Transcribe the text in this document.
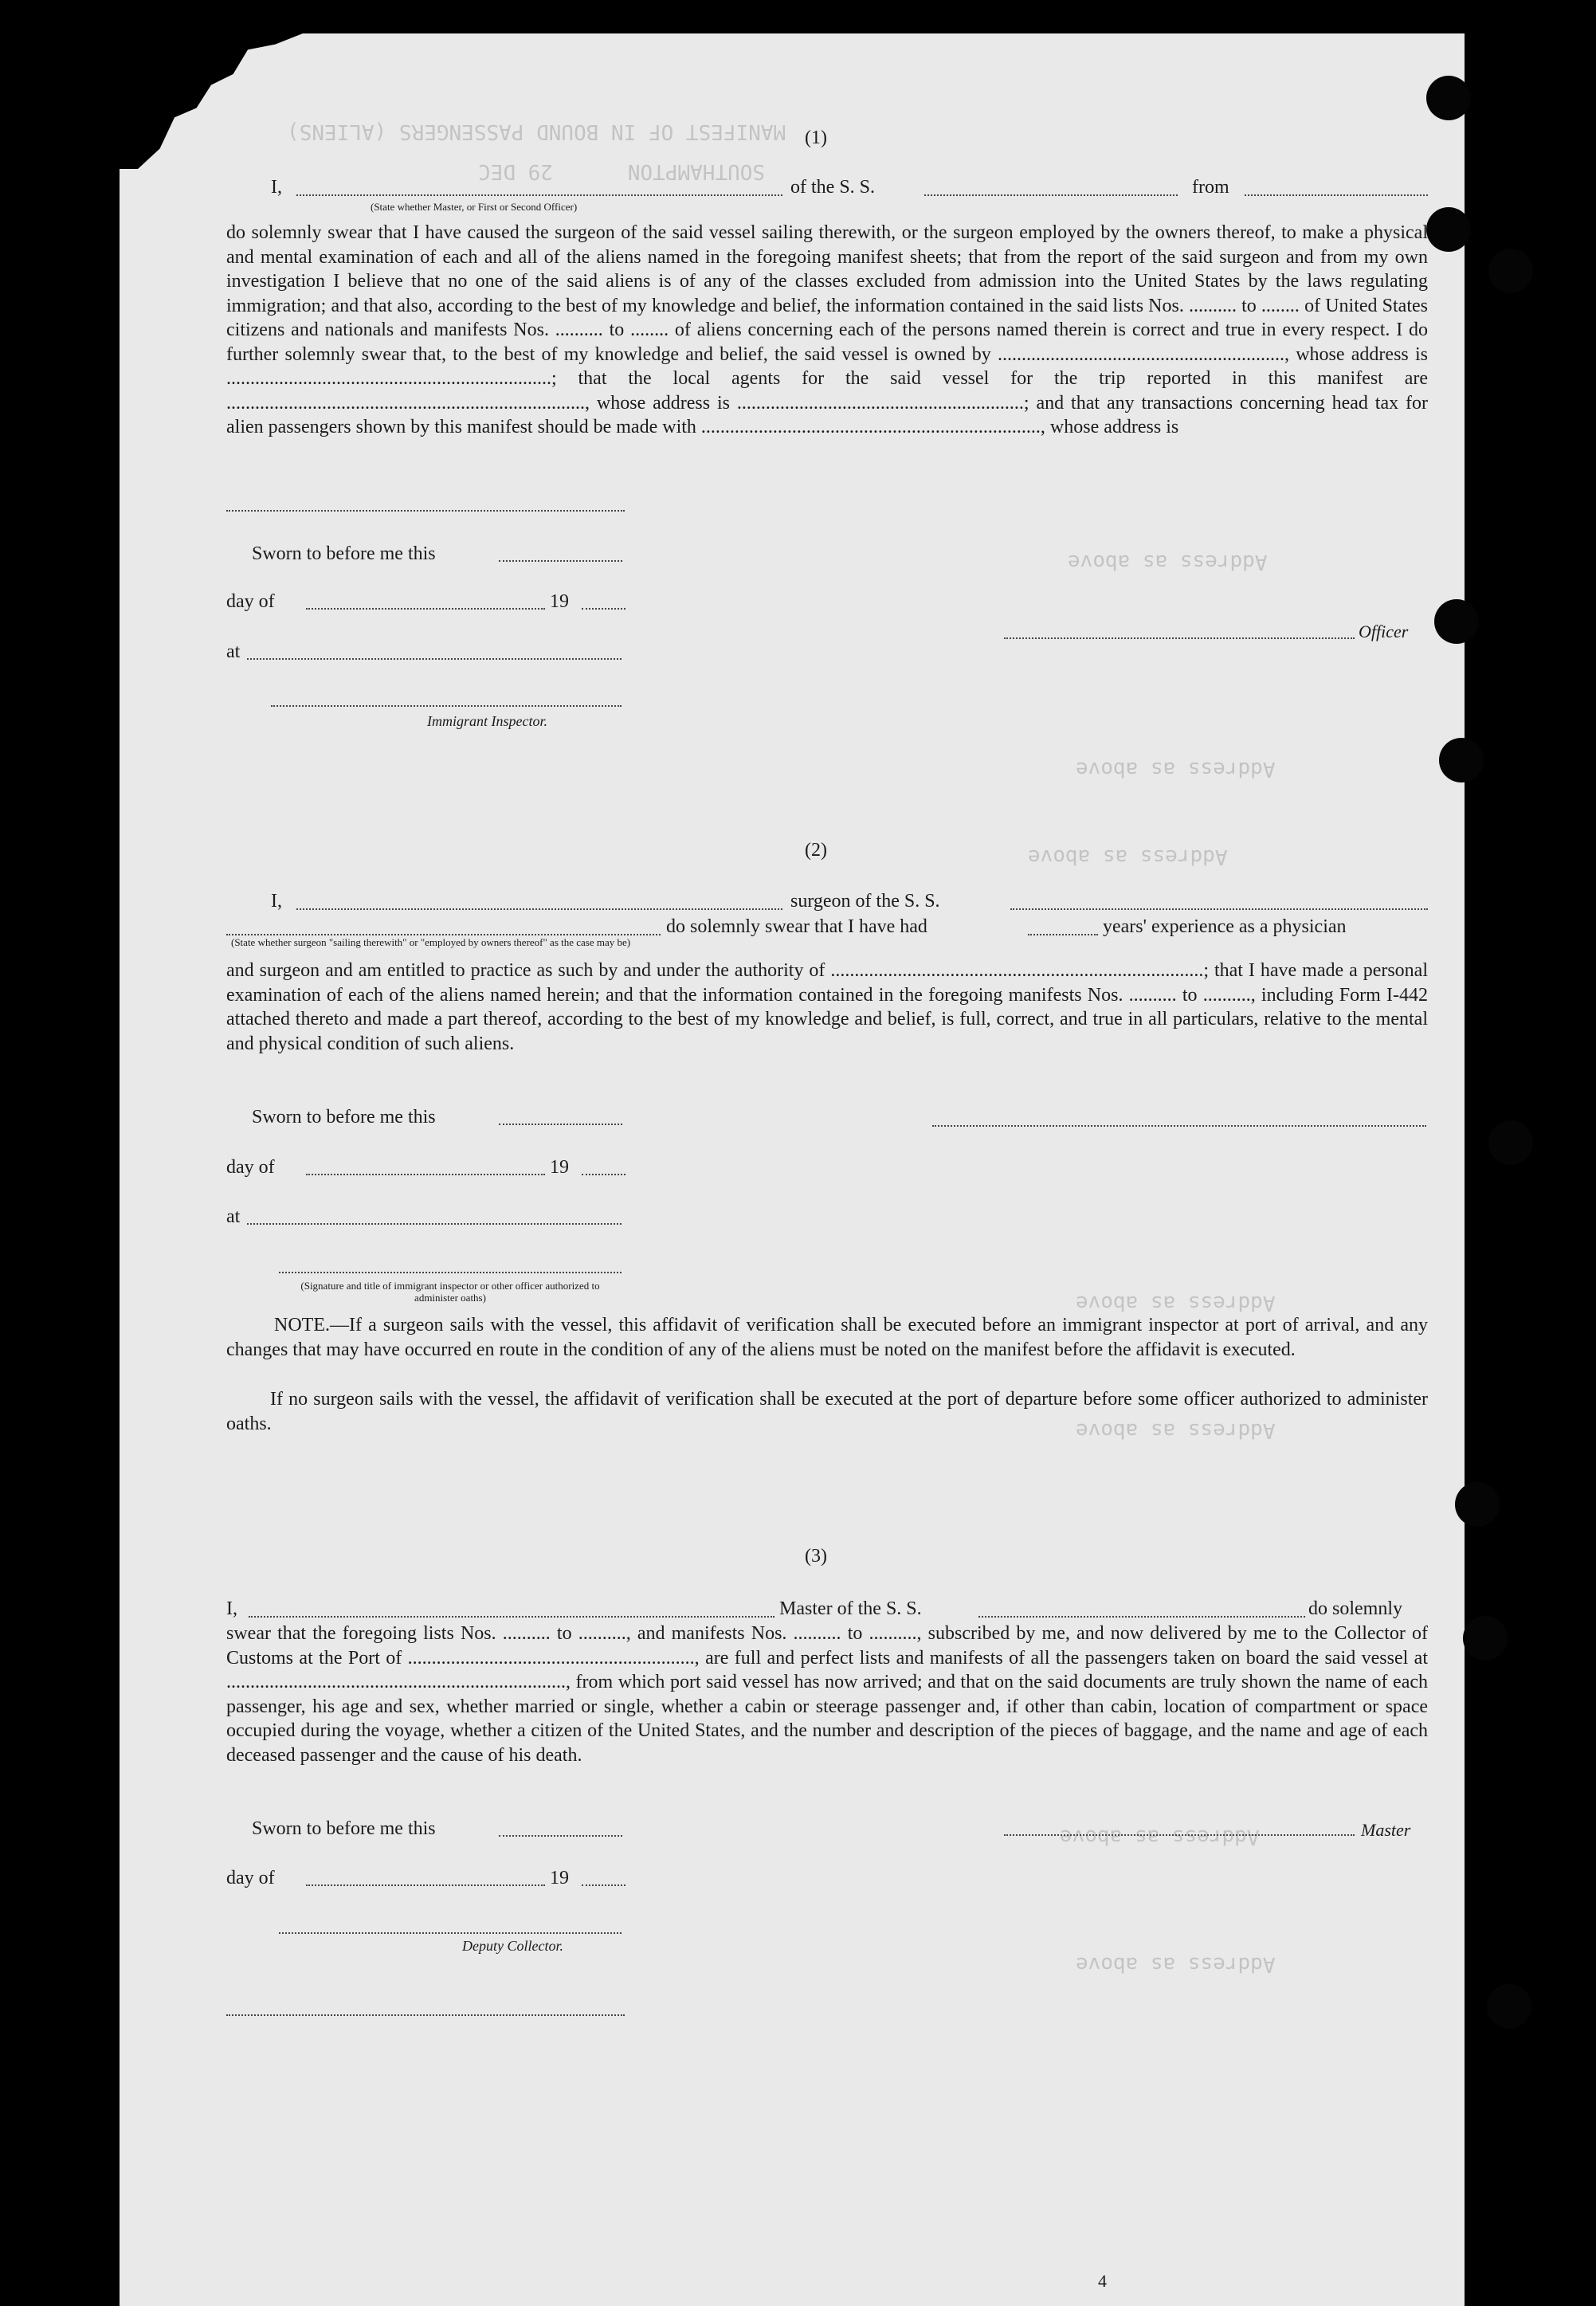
MANIFEST OF IN BOUND PASSENGERS (ALIENS)
SOUTHAMPTON      29 DEC
Address as above
Address as above
Address as above
Address as above
Address as above
Address as above
Address as above
(1)
I,	of the S. S.	from
(State whether Master, or First or Second Officer)
do solemnly swear that I have caused the surgeon of the said vessel sailing therewith, or the surgeon employed by the owners thereof, to make a physical and mental examination of each and all of the aliens named in the foregoing manifest sheets; that from the report of the said surgeon and from my own investigation I believe that no one of the said aliens is of any of the classes excluded from admission into the United States by the laws regulating immigration; and that also, according to the best of my knowledge and belief, the information contained in the said lists Nos. .......... to ........ of United States citizens and nationals and manifests Nos. .......... to ........ of aliens concerning each of the persons named therein is correct and true in every respect. I do further solemnly swear that, to the best of my knowledge and belief, the said vessel is owned by ............................................................, whose address is ....................................................................; that the local agents for the said vessel for the trip reported in this manifest are ..........................................................................., whose address is ............................................................; and that any transactions concerning head tax for alien passengers shown by this manifest should be made with ......................................................................., whose address is
Sworn to before me this
day of	19
at
Officer
Immigrant Inspector.
(2)
I,	surgeon of the S. S.
do solemnly swear that I have had	years' experience as a physician
(State whether surgeon "sailing therewith" or "employed by owners thereof" as the case may be)
and surgeon and am entitled to practice as such by and under the authority of ..............................................................................; that I have made a personal examination of each of the aliens named herein; and that the information contained in the foregoing manifests Nos. .......... to .........., including Form I-442 attached thereto and made a part thereof, according to the best of my knowledge and belief, is full, correct, and true in all particulars, relative to the mental and physical condition of such aliens.
Sworn to before me this
day of	19
at
(Signature and title of immigrant inspector or other officer authorized to administer oaths)
NOTE.—If a surgeon sails with the vessel, this affidavit of verification shall be executed before an immigrant inspector at port of arrival, and any changes that may have occurred en route in the condition of any of the aliens must be noted on the manifest before the affidavit is executed.
If no surgeon sails with the vessel, the affidavit of verification shall be executed at the port of departure before some officer authorized to administer oaths.
(3)
I,	Master of the S. S.	do solemnly
swear that the foregoing lists Nos. .......... to .........., and manifests Nos. .......... to .........., subscribed by me, and now delivered by me to the Collector of Customs at the Port of ............................................................, are full and perfect lists and manifests of all the passengers taken on board the said vessel at ......................................................................., from which port said vessel has now arrived; and that on the said documents are truly shown the name of each passenger, his age and sex, whether married or single, whether a cabin or steerage passenger and, if other than cabin, location of compartment or space occupied during the voyage, whether a citizen of the United States, and the number and description of the pieces of baggage, and the name and age of each deceased passenger and the cause of his death.
Sworn to before me this	Master
day of	19
Deputy Collector.
4
